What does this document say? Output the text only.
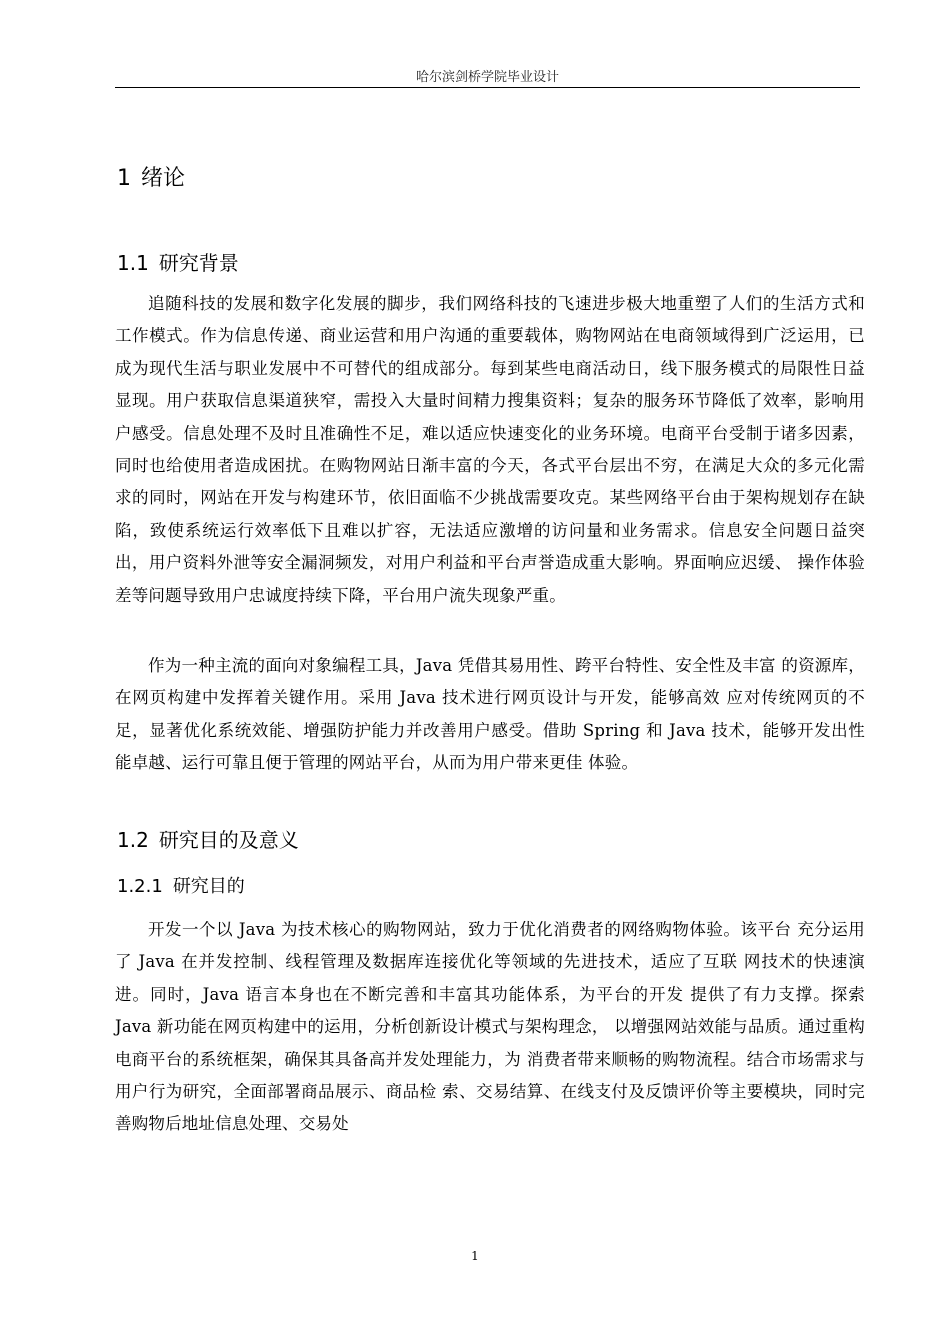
哈尔滨剑桥学院毕业设计
1 绪论
1.1 研究背景

追随科技的发展和数字化发展的脚步，我们网络科技的飞速进步极大地重塑了人们的生活方式和工作模式。作为信息传递、商业运营和用户沟通的重要载体，购物网站在电商领域得到广泛运用，已成为现代生活与职业发展中不可替代的组成部分。每到某些电商活动日，线下服务模式的局限性日益显现。用户获取信息渠道狭窄，需投入大量时间精力搜集资料；复杂的服务环节降低了效率，影响用户感受。信息处理不及时且准确性不足，难以适应快速变化的业务环境。电商平台受制于诸多因素，同时也给使用者造成困扰。在购物网站日渐丰富的今天，各式平台层出不穷，在满足大众的多元化需求的同时，网站在开发与构建环节，依旧面临不少挑战需要攻克。某些网络平台由于架构规划存在缺陷，致使系统运行效率低下且难以扩容，无法适应激增的访问量和业务需求。信息安全问题日益突出，用户资料外泄等安全漏洞频发，对用户利益和平台声誉造成重大影响。界面响应迟缓、 操作体验差等问题导致用户忠诚度持续下降，平台用户流失现象严重。

作为一种主流的面向对象编程工具，Java 凭借其易用性、跨平台特性、安全性及丰富 的资源库，在网页构建中发挥着关键作用。采用 Java 技术进行网页设计与开发，能够高效 应对传统网页的不足，显著优化系统效能、增强防护能力并改善用户感受。借助 Spring 和 Java 技术，能够开发出性能卓越、运行可靠且便于管理的网站平台，从而为用户带来更佳 体验。

1.2 研究目的及意义
1.2.1 研究目的

开发一个以 Java 为技术核心的购物网站，致力于优化消费者的网络购物体验。该平台 充分运用了 Java 在并发控制、线程管理及数据库连接优化等领域的先进技术，适应了互联 网技术的快速演进。同时，Java 语言本身也在不断完善和丰富其功能体系，为平台的开发 提供了有力支撑。探索 Java 新功能在网页构建中的运用，分析创新设计模式与架构理念， 以增强网站效能与品质。通过重构电商平台的系统框架，确保其具备高并发处理能力，为 消费者带来顺畅的购物流程。结合市场需求与用户行为研究，全面部署商品展示、商品检 索、交易结算、在线支付及反馈评价等主要模块，同时完善购物后地址信息处理、交易处

1
